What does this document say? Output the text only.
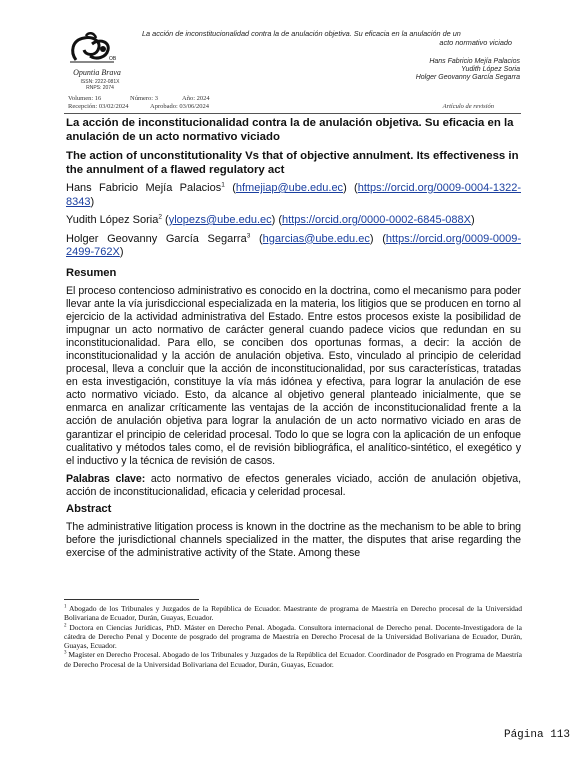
OB
Opuntia Brava
ISSN: 2222-081X
RNPS: 2074
Volumen: 16	Número: 3	Año: 2024
Recepción: 03/02/2024	Aprobado: 03/06/2024
La acción de inconstitucionalidad contra la de anulación objetiva. Su eficacia en la anulación de un
acto normativo viciado
Hans Fabricio Mejía Palacios
Yudith López Soria
Holger Geovanny García Segarra
Artículo de revisión

La acción de inconstitucionalidad contra la de anulación objetiva. Su eficacia en la anulación de un acto normativo viciado

The action of unconstitutionality Vs that of objective annulment. Its effectiveness in the annulment of a flawed regulatory act

Hans Fabricio Mejía Palacios$^1$ (hfmejiap@ube.edu.ec) (https://orcid.org/0009-0004-1322-8343)
Yudith López Soria$^2$ (ylopezs@ube.edu.ec) (https://orcid.org/0000-0002-6845-088X)
Holger Geovanny García Segarra$^3$ (hgarcias@ube.edu.ec) (https://orcid.org/0009-0009-2499-762X)
Resumen
El proceso contencioso administrativo es conocido en la doctrina, como el mecanismo para poder llevar ante la vía jurisdiccional especializada en la materia, los litigios que se producen en torno al ejercicio de la actividad administrativa del Estado. Entre estos procesos existe la posibilidad de impugnar un acto normativo de carácter general cuando padece vicios que redundan en su inconstitucionalidad. Para ello, se conciben dos oportunas formas, a decir: la acción de inconstitucionalidad y la acción de anulación objetiva. Esto, vinculado al principio de celeridad procesal, lleva a concluir que la acción de inconstitucionalidad, por sus características, tratadas en esta investigación, constituye la vía más idónea y efectiva, para lograr la anulación de ese acto normativo viciado. Esto, da alcance al objetivo general planteado inicialmente, que se enmarca en analizar críticamente las ventajas de la acción de inconstitucionalidad frente a la acción de anulación objetiva para lograr la anulación de un acto normativo viciado en aras de garantizar el principio de celeridad procesal. Todo lo que se logra con la aplicación de un enfoque cualitativo y métodos tales como, el de revisión bibliográfica, el analítico-sintético, el exegético y el inductivo y la técnica de revisión de casos.
Palabras clave: acto normativo de efectos generales viciado, acción de anulación objetiva, acción de inconstitucionalidad, eficacia y celeridad procesal.
Abstract
The administrative litigation process is known in the doctrine as the mechanism to be able to bring before the jurisdictional channels specialized in the matter, the disputes that arise regarding the exercise of the administrative activity of the State. Among these
$^1$ Abogado de los Tribunales y Juzgados de la República de Ecuador. Maestrante de programa de Maestría en Derecho procesal de la Universidad Bolivariana de Ecuador, Durán, Guayas, Ecuador.
$^2$ Doctora en Ciencias Jurídicas, PhD. Máster en Derecho Penal. Abogada. Consultora internacional de Derecho penal. Docente-Investigadora de la cátedra de Derecho Penal y Docente de posgrado del programa de Maestría en Derecho Procesal de la Universidad Bolivariana de Ecuador, Durán, Guayas, Ecuador.
$^3$ Magíster en Derecho Procesal. Abogado de los Tribunales y Juzgados de la República del Ecuador. Coordinador de Posgrado en Programa de Maestría de Derecho Procesal de la Universidad Bolivariana del Ecuador, Durán, Guayas, Ecuador.
Página 113
